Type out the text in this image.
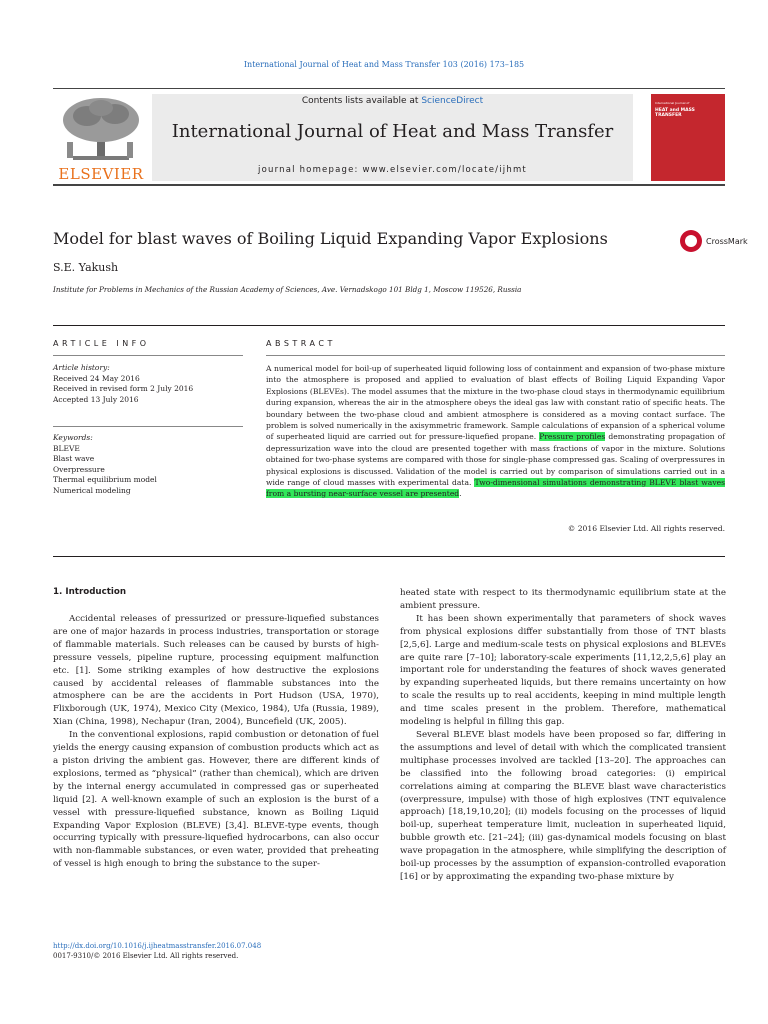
International Journal of Heat and Mass Transfer 103 (2016) 173–185
ELSEVIER
Contents lists available at ScienceDirect
International Journal of Heat and Mass Transfer
journal homepage: www.elsevier.com/locate/ijhmt
International Journal of
HEAT and MASS TRANSFER
Model for blast waves of Boiling Liquid Expanding Vapor Explosions	CrossMark
S.E. Yakush
Institute for Problems in Mechanics of the Russian Academy of Sciences, Ave. Vernadskogo 101 Bldg 1, Moscow 119526, Russia
ARTICLE INFO	ABSTRACT
Article history:
Received 24 May 2016
Received in revised form 2 July 2016
Accepted 13 July 2016
Keywords:
BLEVE
Blast wave
Overpressure
Thermal equilibrium model
Numerical modeling
A numerical model for boil-up of superheated liquid following loss of containment and expansion of two-phase mixture into the atmosphere is proposed and applied to evaluation of blast effects of Boiling Liquid Expanding Vapor Explosions (BLEVEs). The model assumes that the mixture in the two-phase cloud stays in thermodynamic equilibrium during expansion, whereas the air in the atmosphere obeys the ideal gas law with constant ratio of specific heats. The boundary between the two-phase cloud and ambient atmosphere is considered as a moving contact surface. The problem is solved numerically in the axisymmetric framework. Sample calculations of expansion of a spherical volume of superheated liquid are carried out for pressure-liquefied propane. Pressure profiles demonstrating propagation of depressurization wave into the cloud are presented together with mass fractions of vapor in the mixture. Solutions obtained for two-phase systems are compared with those for single-phase compressed gas. Scaling of overpressures in physical explosions is discussed. Validation of the model is carried out by comparison of simulations carried out in a wide range of cloud masses with experimental data. Two-dimensional simulations demonstrating BLEVE blast waves from a bursting near-surface vessel are presented.
© 2016 Elsevier Ltd. All rights reserved.
1. Introduction

Accidental releases of pressurized or pressure-liquefied substances are one of major hazards in process industries, transportation or storage of flammable materials. Such releases can be caused by bursts of high-pressure vessels, pipeline rupture, processing equipment malfunction etc. [1]. Some striking examples of how destructive the explosions caused by accidental releases of flammable substances into the atmosphere can be are the accidents in Port Hudson (USA, 1970), Flixborough (UK, 1974), Mexico City (Mexico, 1984), Ufa (Russia, 1989), Xian (China, 1998), Nechapur (Iran, 2004), Buncefield (UK, 2005).

In the conventional explosions, rapid combustion or detonation of fuel yields the energy causing expansion of combustion products which act as a piston driving the ambient gas. However, there are different kinds of explosions, termed as “physical” (rather than chemical), which are driven by the internal energy accumulated in compressed gas or superheated liquid [2]. A well-known example of such an explosion is the burst of a vessel with pressure-liquefied substance, known as Boiling Liquid Expanding Vapor Explosion (BLEVE) [3,4]. BLEVE-type events, though occurring typically with pressure-liquefied hydrocarbons, can also occur with non-flammable substances, or even water, provided that preheating of vessel is high enough to bring the substance to the super-

heated state with respect to its thermodynamic equilibrium state at the ambient pressure.

It has been shown experimentally that parameters of shock waves from physical explosions differ substantially from those of TNT blasts [2,5,6]. Large and medium-scale tests on physical explosions and BLEVEs are quite rare [7–10]; laboratory-scale experiments [11,12,2,5,6] play an important role for understanding the features of shock waves generated by expanding superheated liquids, but there remains uncertainty on how to scale the results up to real accidents, keeping in mind multiple length and time scales present in the problem. Therefore, mathematical modeling is helpful in filling this gap.

Several BLEVE blast models have been proposed so far, differing in the assumptions and level of detail with which the complicated transient multiphase processes involved are tackled [13–20]. The approaches can be classified into the following broad categories: (i) empirical correlations aiming at comparing the BLEVE blast wave characteristics (overpressure, impulse) with those of high explosives (TNT equivalence approach) [18,19,10,20]; (ii) models focusing on the processes of liquid boil-up, superheat temperature limit, nucleation in superheated liquid, bubble growth etc. [21–24]; (iii) gas-dynamical models focusing on blast wave propagation in the atmosphere, while simplifying the description of boil-up processes by the assumption of expansion-controlled evaporation [16] or by approximating the expanding two-phase mixture by

http://dx.doi.org/10.1016/j.ijheatmasstransfer.2016.07.048
0017-9310/© 2016 Elsevier Ltd. All rights reserved.
